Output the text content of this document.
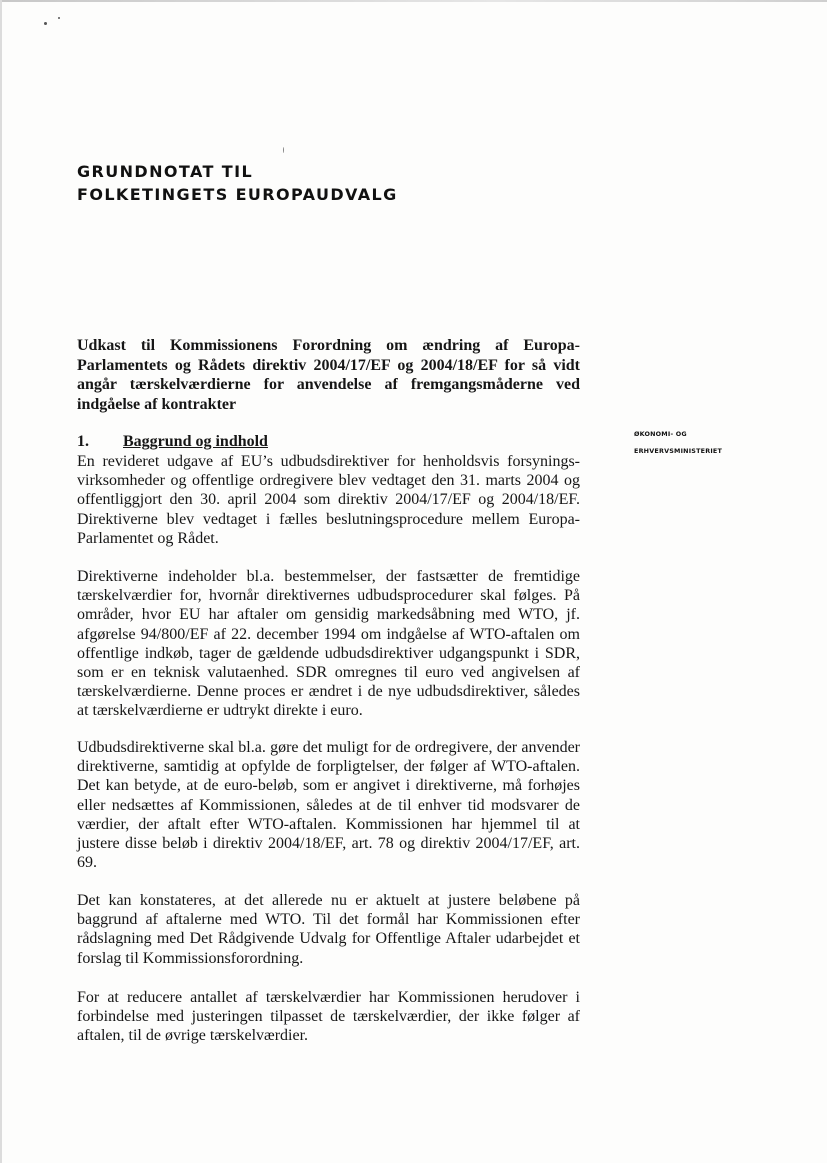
GRUNDNOTAT TIL
FOLKETINGETS EUROPAUDVALG

Udkast til Kommissionens Forordning om ændring af Europa-Parlamentets og Rådets direktiv 2004/17/EF og 2004/18/EF for så vidt angår tærskelværdierne for anvendelse af fremgangsmåderne ved indgåelse af kontrakter

ØKONOMI- OG
ERHVERVSMINISTERIET
1. Baggrund og indhold

En revideret udgave af EU’s udbudsdirektiver for henholdsvis forsyningsvirksomheder og offentlige ordregivere blev vedtaget den 31. marts 2004 og offentliggjort den 30. april 2004 som direktiv 2004/17/EF og 2004/18/EF. Direktiverne blev vedtaget i fælles beslutningsprocedure mellem Europa-Parlamentet og Rådet.

Direktiverne indeholder bl.a. bestemmelser, der fastsætter de fremtidige tærskelværdier for, hvornår direktivernes udbudsprocedurer skal følges. På områder, hvor EU har aftaler om gensidig markedsåbning med WTO, jf. afgørelse 94/800/EF af 22. december 1994 om indgåelse af WTO-aftalen om offentlige indkøb, tager de gældende udbudsdirektiver udgangspunkt i SDR, som er en teknisk valutaenhed. SDR omregnes til euro ved angivelsen af tærskelværdierne. Denne proces er ændret i de nye udbudsdirektiver, således at tærskelværdierne er udtrykt direkte i euro.

Udbudsdirektiverne skal bl.a. gøre det muligt for de ordregivere, der anvender direktiverne, samtidig at opfylde de forpligtelser, der følger af WTO-aftalen. Det kan betyde, at de euro-beløb, som er angivet i direktiverne, må forhøjes eller nedsættes af Kommissionen, således at de til enhver tid modsvarer de værdier, der aftalt efter WTO-aftalen. Kommissionen har hjemmel til at justere disse beløb i direktiv 2004/18/EF, art. 78 og direktiv 2004/17/EF, art. 69.

Det kan konstateres, at det allerede nu er aktuelt at justere beløbene på baggrund af aftalerne med WTO. Til det formål har Kommissionen efter rådslagning med Det Rådgivende Udvalg for Offentlige Aftaler udarbejdet et forslag til Kommissionsforordning.

For at reducere antallet af tærskelværdier har Kommissionen herudover i forbindelse med justeringen tilpasset de tærskelværdier, der ikke følger af aftalen, til de øvrige tærskelværdier.
